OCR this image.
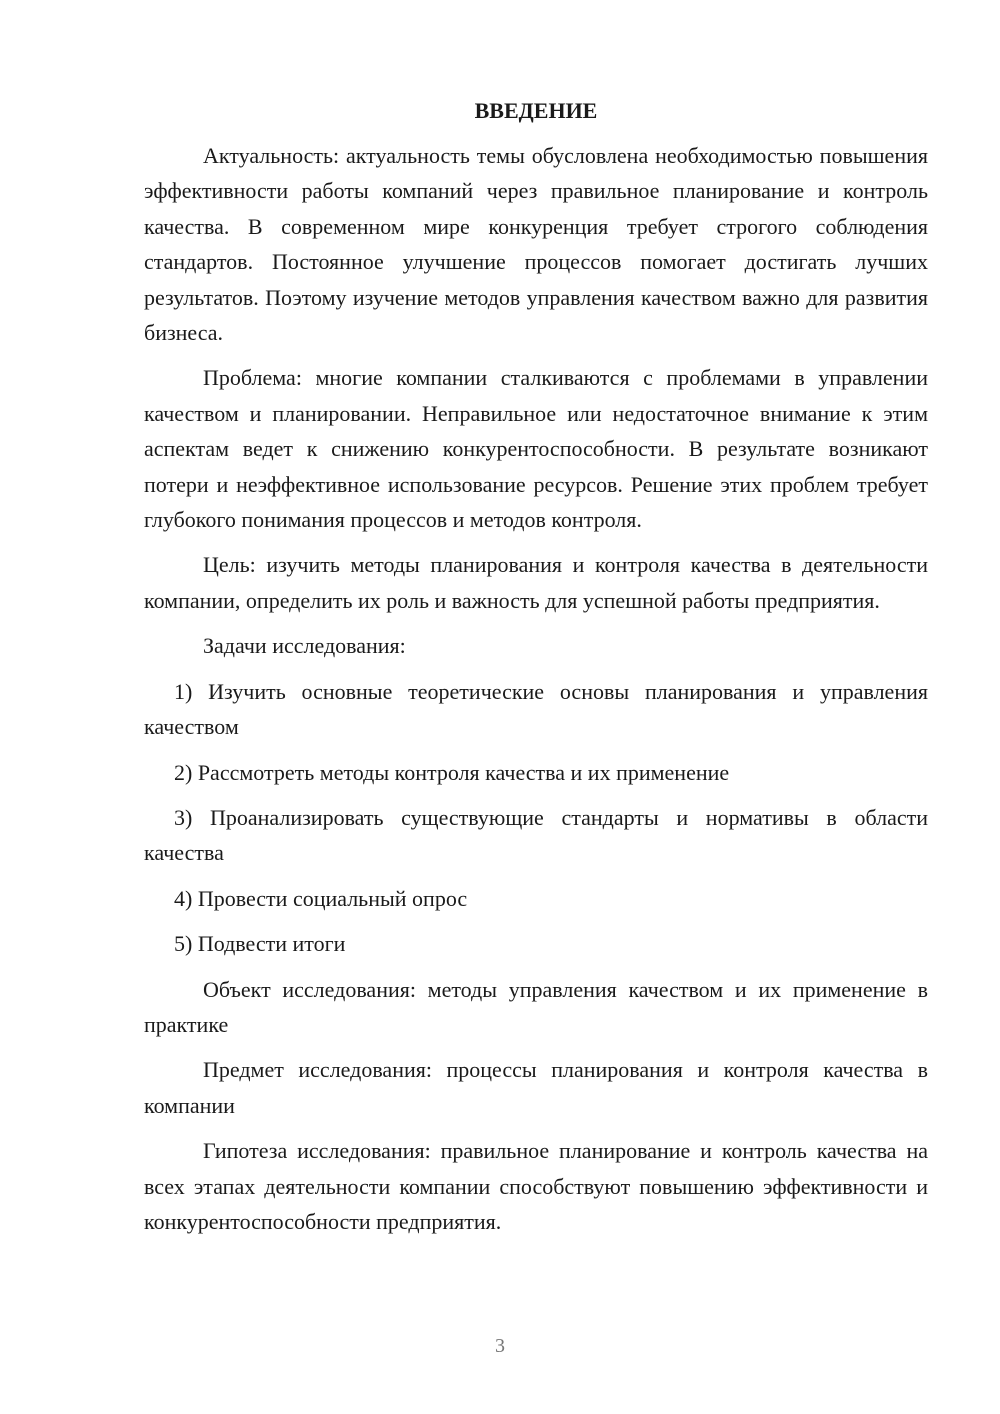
ВВЕДЕНИЕ

Актуальность: актуальность темы обусловлена необходимостью повышения эффективности работы компаний через правильное планирование и контроль качества. В современном мире конкуренция требует строгого соблюдения стандартов. Постоянное улучшение процессов помогает достигать лучших результатов. Поэтому изучение методов управления качеством важно для развития бизнеса.

Проблема: многие компании сталкиваются с проблемами в управлении качеством и планировании. Неправильное или недостаточное внимание к этим аспектам ведет к снижению конкурентоспособности. В результате возникают потери и неэффективное использование ресурсов. Решение этих проблем требует глубокого понимания процессов и методов контроля.

Цель: изучить методы планирования и контроля качества в деятельности компании, определить их роль и важность для успешной работы предприятия.

Задачи исследования:

1) Изучить основные теоретические основы планирования и управления качеством

2) Рассмотреть методы контроля качества и их применение

3) Проанализировать существующие стандарты и нормативы в области качества

4) Провести социальный опрос

5) Подвести итоги

Объект исследования: методы управления качеством и их применение в практике

Предмет исследования: процессы планирования и контроля качества в компании

Гипотеза исследования: правильное планирование и контроль качества на всех этапах деятельности компании способствуют повышению эффективности и конкурентоспособности предприятия.

3
